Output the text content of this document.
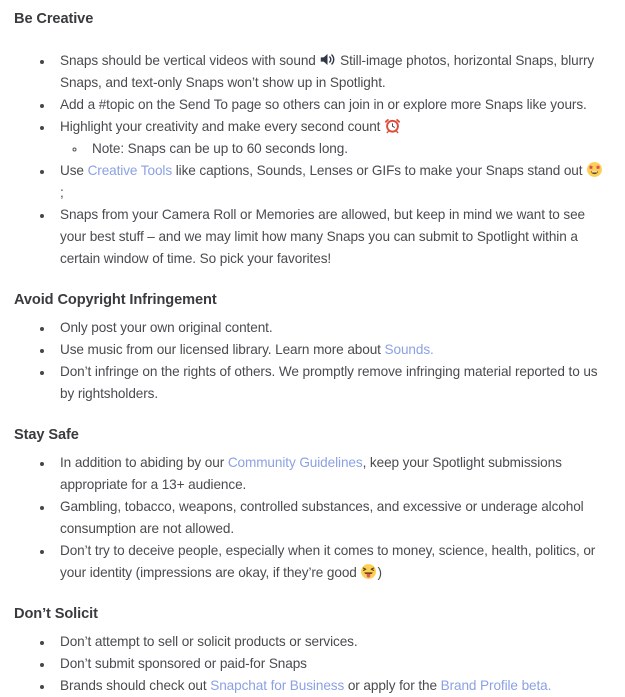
Be Creative
• Snaps should be vertical videos with sound
Still-image photos, horizontal Snaps, blurry Snaps, and text-only Snaps won’t show up in Spotlight.
• Add a #topic on the Send To page so others can join in or explore more Snaps like yours.
• Highlight your creativity and make every second count
◦ Note: Snaps can be up to 60 seconds long.
• Use Creative Tools like captions, Sounds, Lenses or GIFs to make your Snaps stand out
;
• Snaps from your Camera Roll or Memories are allowed, but keep in mind we want to see your best stuff – and we may limit how many Snaps you can submit to Spotlight within a certain window of time. So pick your favorites!
Avoid Copyright Infringement
• Only post your own original content.
• Use music from our licensed library. Learn more about Sounds.
• Don’t infringe on the rights of others. We promptly remove infringing material reported to us by rightsholders.
Stay Safe
• In addition to abiding by our Community Guidelines, keep your Spotlight submissions appropriate for a 13+ audience.
• Gambling, tobacco, weapons, controlled substances, and excessive or underage alcohol consumption are not allowed.
• Don’t try to deceive people, especially when it comes to money, science, health, politics, or your identity (impressions are okay, if they’re good
)
Don’t Solicit
• Don’t attempt to sell or solicit products or services.
• Don’t submit sponsored or paid-for Snaps
• Brands should check out Snapchat for Business or apply for the Brand Profile beta.
